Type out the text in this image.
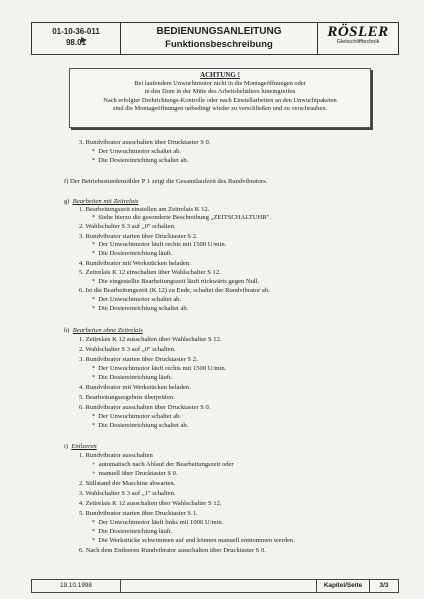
01-10-36-011
98.01
BEDIENUNGSANLEITUNG
Funktionsbeschreibung
RÖSLER
Gleitschlifftechnik
ACHTUNG !
Bei laufendem Unwuchtmotor nicht in die Montageöffnungen oder
in den Dom in der Mitte des Arbeitsbehälters hineingreifen
Nach erfolgter Drehrichtungs-Kontrolle oder nach Einstellarbeiten an den Unwuchtpaketen
sind die Montageöffnungen unbedingt wieder zu verschließen und zu verschrauben.
3. Rundvibrator ausschalten über Drucktaster S 0.
* Der Unwuchtmotor schaltet ab.
* Die Dosiereinrichtung schaltet ab.
f) Der Betriebsstundenzähler P 1 zeigt die Gesamtlaufzeit des Rundvibrators.
g) Bearbeiten mit Zeitrelais
1. Bearbeitungszeit einstellen am Zeitrelais K 12.
* Siehe hierzu die gesonderte Beschreibung „ZEITSCHALTUHR".
2. Wahlschalter S 3 auf „0" schalten.
3. Rundvibrator starten über Drucktaster S 2.
* Der Unwuchtmotor läuft rechts mit 1500 U/min.
* Die Dosiereinrichtung läuft.
4. Rundvibrator mit Werkstücken beladen.
5. Zeitrelais K 12 einschalten über Wahlschalter S 12.
* Die eingestellte Bearbeitungszeit läuft rückwärts gegen Null.
6. Ist die Bearbeitungszeit (K 12) zu Ende, schaltet der Rundvibrator ab.
* Der Unwuchtmotor schaltet ab.
* Die Dosiereinrichtung schaltet ab.
h) Bearbeiten ohne Zeitrelais
1. Zeitrelais K 12 ausschalten über Wahlschalter S 12.
2. Wahlschalter S 3 auf „0" schalten.
3. Rundvibrator starten über Drucktaster S 2.
* Der Unwuchtmotor läuft rechts mit 1500 U/min.
* Die Dosiereinrichtung läuft.
4. Rundvibrator mit Werkstücken beladen.
5. Bearbeitungsergebnis überprüfen.
6. Rundvibrator ausschalten über Drucktaster S 0.
* Der Unwuchtmotor schaltet ab.
* Die Dosiereinrichtung schaltet ab.
i) Entleeren
1. Rundvibrator ausschalten
+ automatisch nach Ablauf der Bearbeitungszeit oder
+ manuell über Drucktaster S 0.
2. Stillstand der Maschine abwarten.
3. Wahlschalter S 3 auf „1" schalten.
4. Zeitrelais K 12 ausschalten über Wahlschalter S 12.
5. Rundvibrator starten über Drucktaster S 1.
* Der Unwuchtmotor läuft links mit 1000 U/min.
* Die Dosiereinrichtung läuft.
* Die Werkstücke schwimmen auf und können manuell entnommen werden.
6. Nach dem Entleeren Rundvibrator ausschalten über Drucktaster S 0.
19.10.1998	Kapitel/Seite	3/3
